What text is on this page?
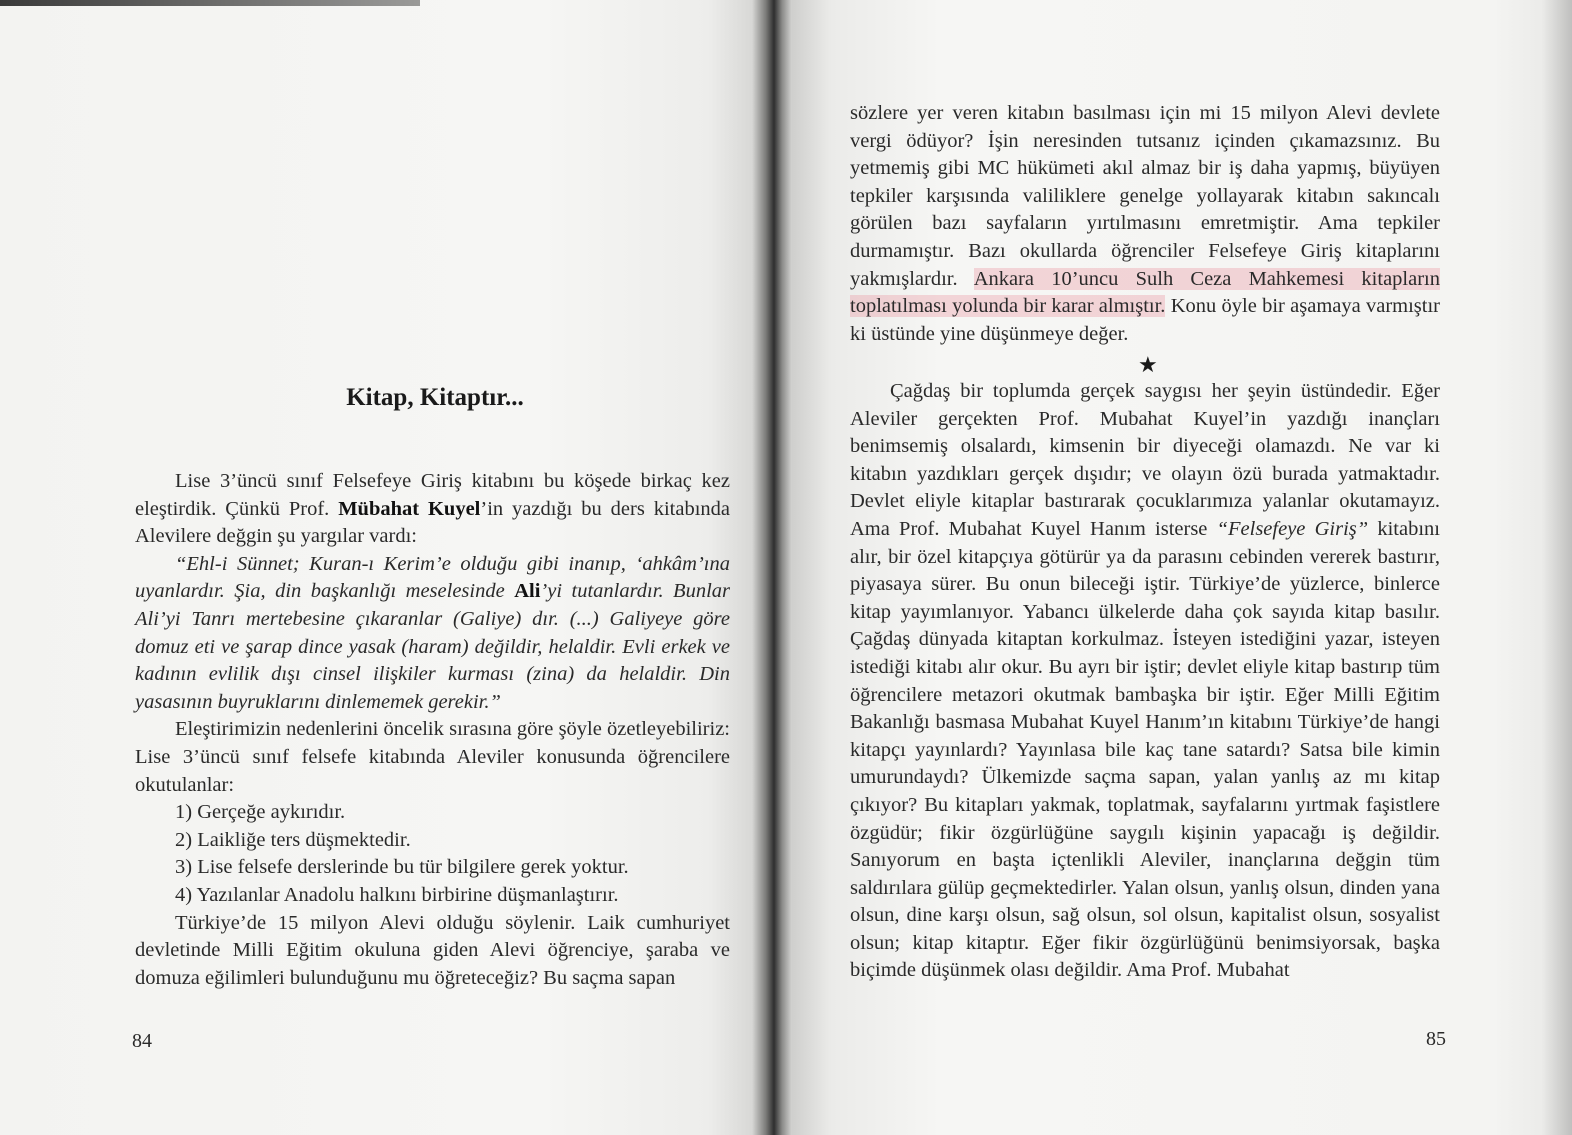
Kitap, Kitaptır...

Lise 3’üncü sınıf Felsefeye Giriş kitabını bu köşede birkaç kez eleştirdik. Çünkü Prof. Mübahat Kuyel’in yazdığı bu ders kitabında Alevilere değgin şu yargılar vardı:

“Ehl-i Sünnet; Kuran-ı Kerim’e olduğu gibi inanıp, ‘ahkâm’ına uyanlardır. Şia, din başkanlığı meselesinde Ali’yi tutanlardır. Bunlar Ali’yi Tanrı mertebesine çıkaranlar (Galiye) dır. (...) Galiyeye göre domuz eti ve şarap dince yasak (haram) değildir, helaldir. Evli erkek ve kadının evlilik dışı cinsel ilişkiler kurması (zina) da helaldir. Din yasasının buyruklarını dinlememek gerekir.”

Eleştirimizin nedenlerini öncelik sırasına göre şöyle özetleyebiliriz: Lise 3’üncü sınıf felsefe kitabında Aleviler konusunda öğrencilere okutulanlar:

1) Gerçeğe aykırıdır.

2) Laikliğe ters düşmektedir.

3) Lise felsefe derslerinde bu tür bilgilere gerek yoktur.

4) Yazılanlar Anadolu halkını birbirine düşmanlaştırır.

Türkiye’de 15 milyon Alevi olduğu söylenir. Laik cumhuriyet devletinde Milli Eğitim okuluna giden Alevi öğrenciye, şaraba ve domuza eğilimleri bulunduğunu mu öğreteceğiz? Bu saçma sapan

84

sözlere yer veren kitabın basılması için mi 15 milyon Alevi devlete vergi ödüyor? İşin neresinden tutsanız içinden çıkamazsınız. Bu yetmemiş gibi MC hükümeti akıl almaz bir iş daha yapmış, büyüyen tepkiler karşısında valiliklere genelge yollayarak kitabın sakıncalı görülen bazı sayfaların yırtılmasını emretmiştir. Ama tepkiler durmamıştır. Bazı okullarda öğrenciler Felsefeye Giriş kitaplarını yakmışlardır. Ankara 10’uncu Sulh Ceza Mahkemesi kitapların toplatılması yolunda bir karar almıştır. Konu öyle bir aşamaya varmıştır ki üstünde yine düşünmeye değer.

★

Çağdaş bir toplumda gerçek saygısı her şeyin üstündedir. Eğer Aleviler gerçekten Prof. Mubahat Kuyel’in yazdığı inançları benimsemiş olsalardı, kimsenin bir diyeceği olamazdı. Ne var ki kitabın yazdıkları gerçek dışıdır; ve olayın özü burada yatmaktadır. Devlet eliyle kitaplar bastırarak çocuklarımıza yalanlar okutamayız. Ama Prof. Mubahat Kuyel Hanım isterse “Felsefeye Giriş” kitabını alır, bir özel kitapçıya götürür ya da parasını cebinden vererek bastırır, piyasaya sürer. Bu onun bileceği iştir. Türkiye’de yüzlerce, binlerce kitap yayımlanıyor. Yabancı ülkelerde daha çok sayıda kitap basılır. Çağdaş dünyada kitaptan korkulmaz. İsteyen istediğini yazar, isteyen istediği kitabı alır okur. Bu ayrı bir iştir; devlet eliyle kitap bastırıp tüm öğrencilere metazori okutmak bambaşka bir iştir. Eğer Milli Eğitim Bakanlığı basmasa Mubahat Kuyel Hanım’ın kitabını Türkiye’de hangi kitapçı yayınlardı? Yayınlasa bile kaç tane satardı? Satsa bile kimin umurundaydı? Ülkemizde saçma sapan, yalan yanlış az mı kitap çıkıyor? Bu kitapları yakmak, toplatmak, sayfalarını yırtmak faşistlere özgüdür; fikir özgürlüğüne saygılı kişinin yapacağı iş değildir. Sanıyorum en başta içtenlikli Aleviler, inançlarına değgin tüm saldırılara gülüp geçmektedirler. Yalan olsun, yanlış olsun, dinden yana olsun, dine karşı olsun, sağ olsun, sol olsun, kapitalist olsun, sosyalist olsun; kitap kitaptır. Eğer fikir özgürlüğünü benimsiyorsak, başka biçimde düşünmek olası değildir. Ama Prof. Mubahat

85
